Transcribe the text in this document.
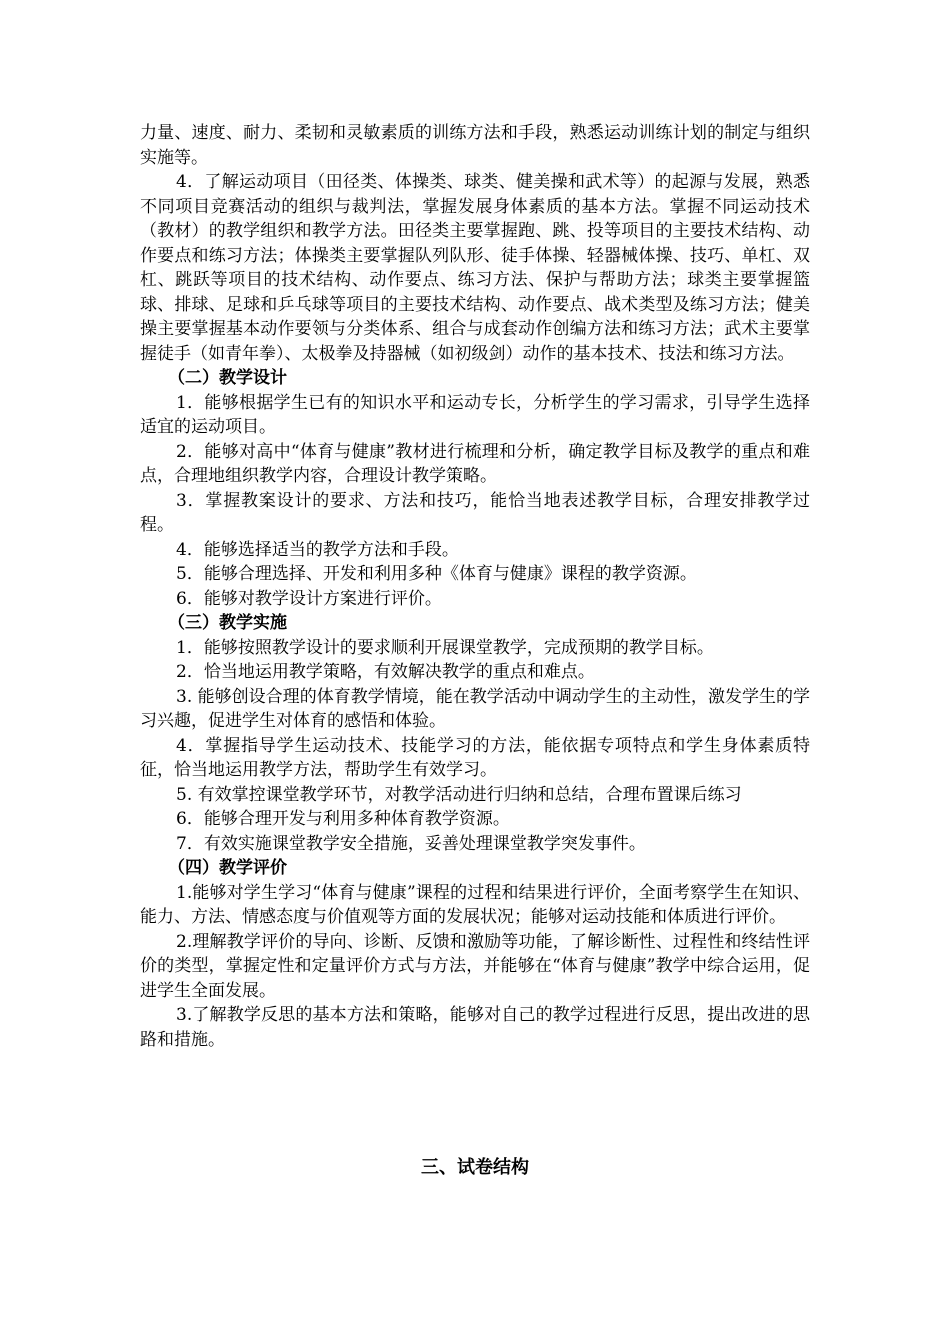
力量、速度、耐力、柔韧和灵敏素质的训练方法和手段，熟悉运动训练计划的制定与组织实施等。

4．了解运动项目（田径类、体操类、球类、健美操和武术等）的起源与发展，熟悉不同项目竞赛活动的组织与裁判法，掌握发展身体素质的基本方法。掌握不同运动技术（教材）的教学组织和教学方法。田径类主要掌握跑、跳、投等项目的主要技术结构、动作要点和练习方法；体操类主要掌握队列队形、徒手体操、轻器械体操、技巧、单杠、双杠、跳跃等项目的技术结构、动作要点、练习方法、保护与帮助方法；球类主要掌握篮球、排球、足球和乒乓球等项目的主要技术结构、动作要点、战术类型及练习方法；健美操主要掌握基本动作要领与分类体系、组合与成套动作创编方法和练习方法；武术主要掌握徒手（如青年拳）、太极拳及持器械（如初级剑）动作的基本技术、技法和练习方法。

（二）教学设计

1．能够根据学生已有的知识水平和运动专长，分析学生的学习需求，引导学生选择适宜的运动项目。

2．能够对高中“体育与健康”教材进行梳理和分析，确定教学目标及教学的重点和难点，合理地组织教学内容，合理设计教学策略。

3．掌握教案设计的要求、方法和技巧，能恰当地表述教学目标，合理安排教学过程。

4．能够选择适当的教学方法和手段。

5．能够合理选择、开发和利用多种《体育与健康》课程的教学资源。

6．能够对教学设计方案进行评价。

（三）教学实施

1．能够按照教学设计的要求顺利开展课堂教学，完成预期的教学目标。

2．恰当地运用教学策略，有效解决教学的重点和难点。

3. 能够创设合理的体育教学情境，能在教学活动中调动学生的主动性，激发学生的学习兴趣，促进学生对体育的感悟和体验。

4．掌握指导学生运动技术、技能学习的方法，能依据专项特点和学生身体素质特征，恰当地运用教学方法，帮助学生有效学习。

5. 有效掌控课堂教学环节，对教学活动进行归纳和总结，合理布置课后练习

6．能够合理开发与利用多种体育教学资源。

7．有效实施课堂教学安全措施，妥善处理课堂教学突发事件。

（四）教学评价

1.能够对学生学习“体育与健康”课程的过程和结果进行评价，全面考察学生在知识、能力、方法、情感态度与价值观等方面的发展状况；能够对运动技能和体质进行评价。

2.理解教学评价的导向、诊断、反馈和激励等功能，了解诊断性、过程性和终结性评价的类型，掌握定性和定量评价方式与方法，并能够在“体育与健康”教学中综合运用，促进学生全面发展。

3.了解教学反思的基本方法和策略，能够对自己的教学过程进行反思，提出改进的思路和措施。

三、试卷结构
